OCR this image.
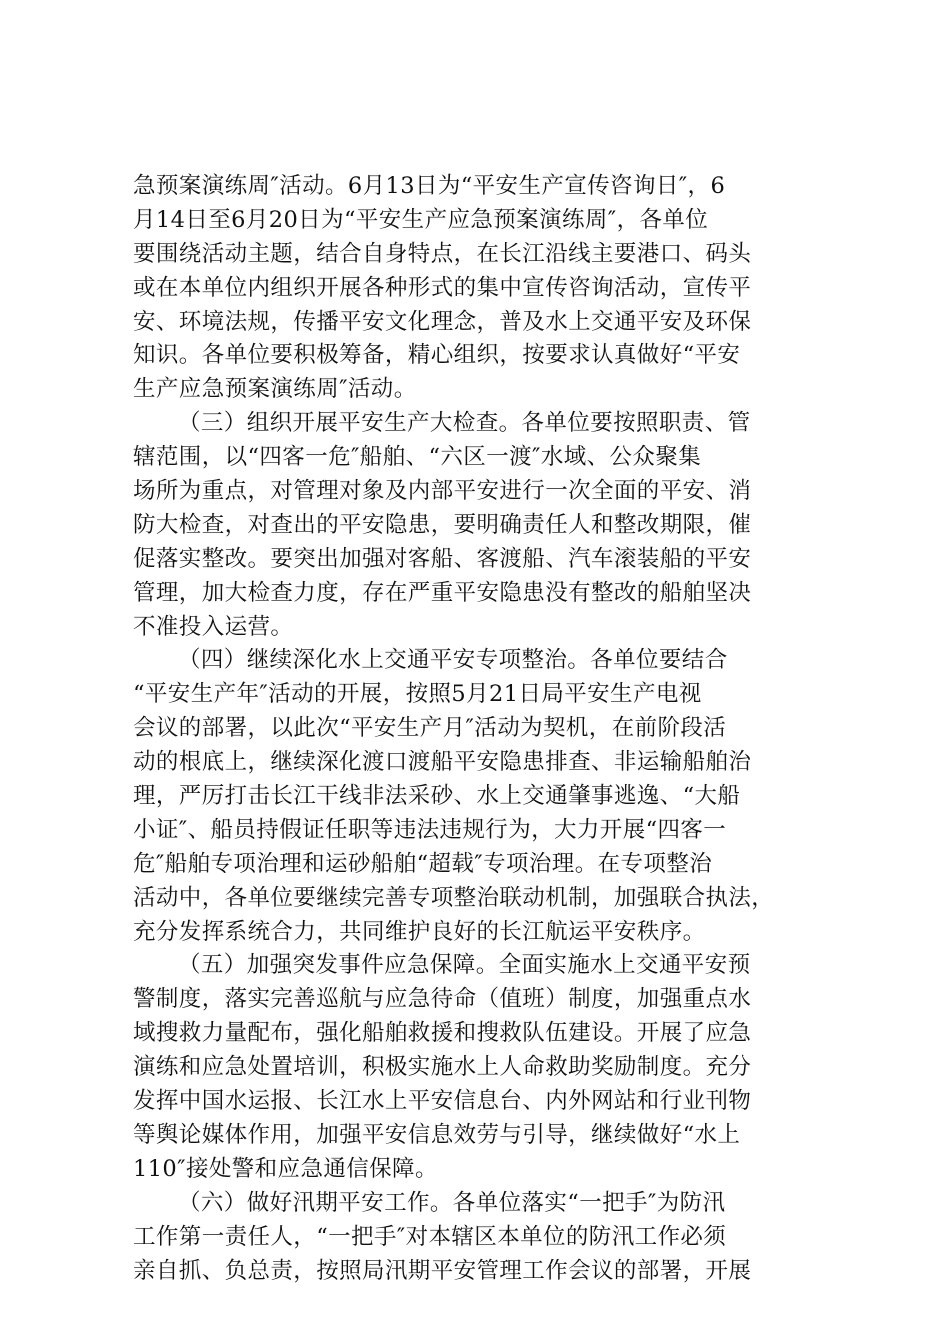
急预案演练周″活动。6月13日为“平安生产宣传咨询日″，6
月14日至6月20日为“平安生产应急预案演练周″，各单位
要围绕活动主题，结合自身特点，在长江沿线主要港口、码头
或在本单位内组织开展各种形式的集中宣传咨询活动，宣传平
安、环境法规，传播平安文化理念，普及水上交通平安及环保
知识。各单位要积极筹备，精心组织，按要求认真做好“平安
生产应急预案演练周″活动。
（三）组织开展平安生产大检查。各单位要按照职责、管
辖范围，以“四客一危″船舶、“六区一渡″水域、公众聚集
场所为重点，对管理对象及内部平安进行一次全面的平安、消
防大检查，对查出的平安隐患，要明确责任人和整改期限，催
促落实整改。要突出加强对客船、客渡船、汽车滚装船的平安
管理，加大检查力度，存在严重平安隐患没有整改的船舶坚决
不准投入运营。
（四）继续深化水上交通平安专项整治。各单位要结合
“平安生产年″活动的开展，按照5月21日局平安生产电视
会议的部署，以此次“平安生产月″活动为契机，在前阶段活
动的根底上，继续深化渡口渡船平安隐患排查、非运输船舶治
理，严厉打击长江干线非法采砂、水上交通肇事逃逸、“大船
小证″、船员持假证任职等违法违规行为，大力开展“四客一
危″船舶专项治理和运砂船舶“超载″专项治理。在专项整治
活动中，各单位要继续完善专项整治联动机制，加强联合执法，
充分发挥系统合力，共同维护良好的长江航运平安秩序。
（五）加强突发事件应急保障。全面实施水上交通平安预
警制度，落实完善巡航与应急待命（值班）制度，加强重点水
域搜救力量配布，强化船舶救援和搜救队伍建设。开展了应急
演练和应急处置培训，积极实施水上人命救助奖励制度。充分
发挥中国水运报、长江水上平安信息台、内外网站和行业刊物
等舆论媒体作用，加强平安信息效劳与引导，继续做好“水上
110″接处警和应急通信保障。
（六）做好汛期平安工作。各单位落实“一把手″为防汛
工作第一责任人，“一把手″对本辖区本单位的防汛工作必须
亲自抓、负总责，按照局汛期平安管理工作会议的部署，开展
